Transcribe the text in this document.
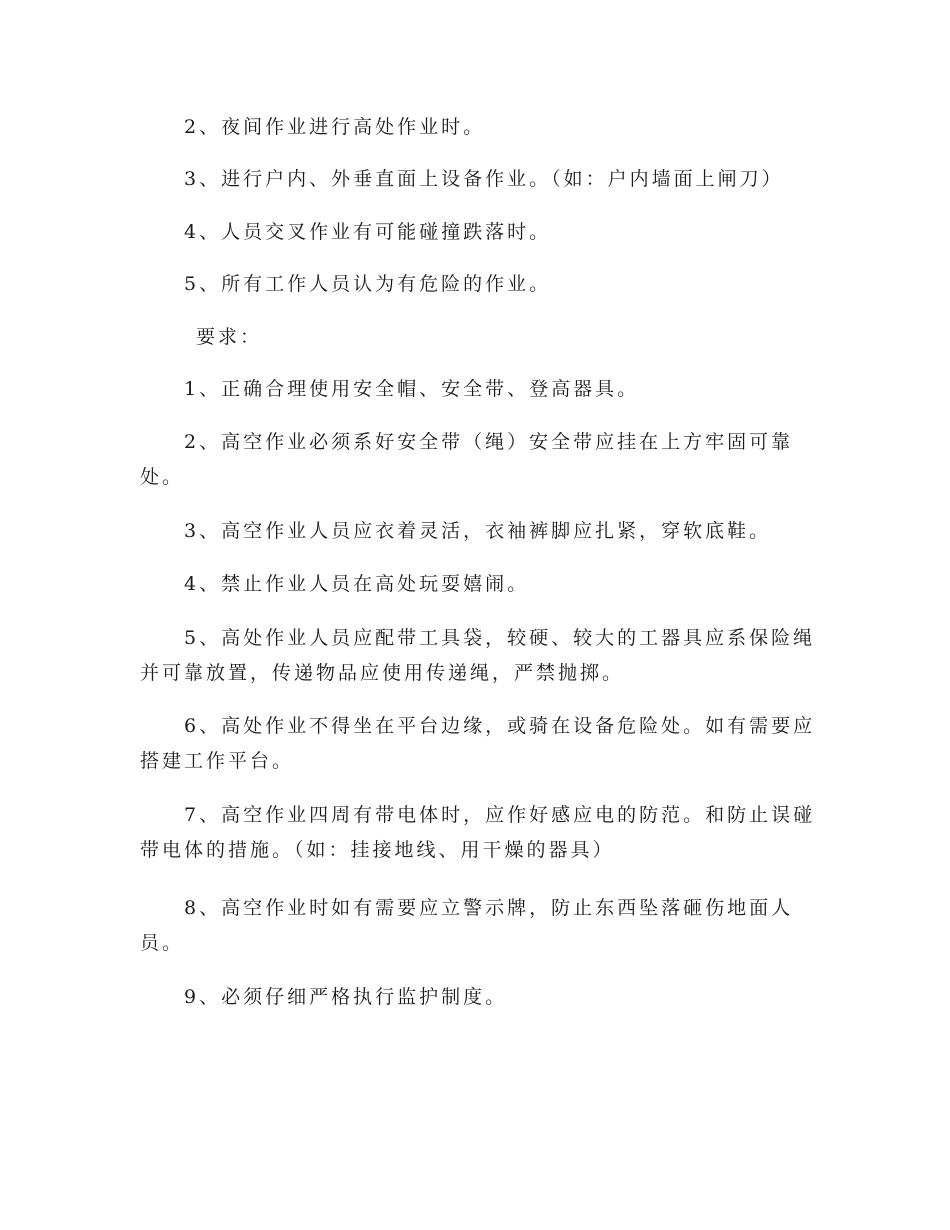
2、夜间作业进行高处作业时。
3、进行户内、外垂直面上设备作业。（如：户内墙面上闸刀）
4、人员交叉作业有可能碰撞跌落时。
5、所有工作人员认为有危险的作业。
要求：
1、正确合理使用安全帽、安全带、登高器具。
2、高空作业必须系好安全带（绳）安全带应挂在上方牢固可靠
处。
3、高空作业人员应衣着灵活，衣袖裤脚应扎紧，穿软底鞋。
4、禁止作业人员在高处玩耍嬉闹。
5、高处作业人员应配带工具袋，较硬、较大的工器具应系保险绳
并可靠放置，传递物品应使用传递绳，严禁抛掷。
6、高处作业不得坐在平台边缘，或骑在设备危险处。如有需要应
搭建工作平台。
7、高空作业四周有带电体时，应作好感应电的防范。和防止误碰
带电体的措施。（如：挂接地线、用干燥的器具）
8、高空作业时如有需要应立警示牌，防止东西坠落砸伤地面人
员。
9、必须仔细严格执行监护制度。
